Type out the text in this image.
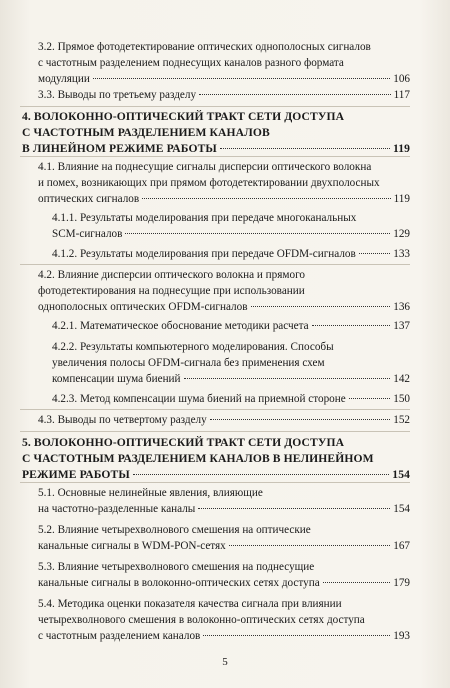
3.2. Прямое фотодетектирование оптических однополосных сигналов
с частотным разделением поднесущих каналов разного формата
модуляции	106
3.3. Выводы по третьему разделу	117
4. ВОЛОКОННО-ОПТИЧЕСКИЙ ТРАКТ СЕТИ ДОСТУПА
С ЧАСТОТНЫМ РАЗДЕЛЕНИЕМ КАНАЛОВ
В ЛИНЕЙНОМ РЕЖИМЕ РАБОТЫ	119
4.1. Влияние на поднесущие сигналы дисперсии оптического волокна
и помех, возникающих при прямом фотодетектировании двухполосных
оптических сигналов	119
4.1.1. Результаты моделирования при передаче многоканальных
SCM-сигналов	129
4.1.2. Результаты моделирования при передаче OFDM-сигналов	133
4.2. Влияние дисперсии оптического волокна и прямого
фотодетектирования на поднесущие при использовании
однополосных оптических OFDM-сигналов	136
4.2.1. Математическое обоснование методики расчета	137
4.2.2. Результаты компьютерного моделирования. Способы
увеличения полосы OFDM-сигнала без применения схем
компенсации шума биений	142
4.2.3. Метод компенсации шума биений на приемной стороне	150
4.3. Выводы по четвертому разделу	152
5. ВОЛОКОННО-ОПТИЧЕСКИЙ ТРАКТ СЕТИ ДОСТУПА
С ЧАСТОТНЫМ РАЗДЕЛЕНИЕМ КАНАЛОВ В НЕЛИНЕЙНОМ
РЕЖИМЕ РАБОТЫ	154
5.1. Основные нелинейные явления, влияющие
на частотно-разделенные каналы	154
5.2. Влияние четырехволнового смешения на оптические
канальные сигналы в WDM-PON-сетях	167
5.3. Влияние четырехволнового смешения на поднесущие
канальные сигналы в волоконно-оптических сетях доступа	179
5.4. Методика оценки показателя качества сигнала при влиянии
четырехволнового смешения в волоконно-оптических сетях доступа
с частотным разделением каналов	193
5
